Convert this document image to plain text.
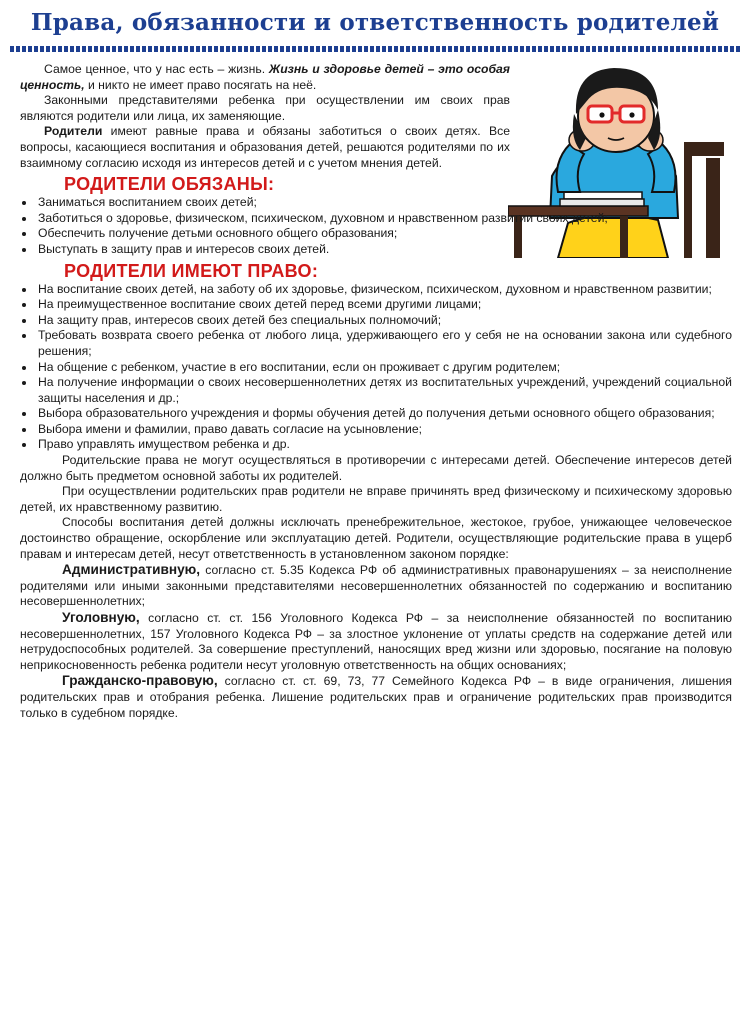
Права, обязанности и ответственность родителей

Самое ценное, что у нас есть – жизнь. Жизнь и здоровье детей – это особая ценность, и никто не имеет право посягать на неё.

Законными представителями ребенка при осуществлении им своих прав являются родители или лица, их заменяющие.

Родители имеют равные права и обязаны заботиться о своих детях. Все вопросы, касающиеся воспитания и образования детей, решаются родителями по их взаимному согласию исходя из интересов детей и с учетом мнения детей.

РОДИТЕЛИ ОБЯЗАНЫ:
• Заниматься воспитанием своих детей;
• Заботиться о здоровье, физическом, психическом, духовном и нравственном развитии своих детей;
• Обеспечить получение детьми основного общего образования;
• Выступать в защиту прав и интересов своих детей.
РОДИТЕЛИ ИМЕЮТ ПРАВО:
• На воспитание своих детей, на заботу об их здоровье, физическом, психическом, духовном и нравственном развитии;
• На преимущественное воспитание своих детей перед всеми другими лицами;
• На защиту прав, интересов своих детей без специальных полномочий;
• Требовать возврата своего ребенка от любого лица, удерживающего его у себя не на основании закона или судебного решения;
• На общение с ребенком, участие в его воспитании, если он проживает с другим родителем;
• На получение информации о своих несовершеннолетних детях из воспитательных учреждений, учреждений социальной защиты населения и др.;
• Выбора образовательного учреждения и формы обучения детей до получения детьми основного общего образования;
• Выбора имени и фамилии, право давать согласие на усыновление;
• Право управлять имуществом ребенка и др.

Родительские права не могут осуществляться в противоречии с интересами детей. Обеспечение интересов детей должно быть предметом основной заботы их родителей.

При осуществлении родительских прав родители не вправе причинять вред физическому и психическому здоровью детей, их нравственному развитию.

Способы воспитания детей должны исключать пренебрежительное, жестокое, грубое, унижающее человеческое достоинство обращение, оскорбление или эксплуатацию детей. Родители, осуществляющие родительские права в ущерб правам и интересам детей, несут ответственность в установленном законом порядке:

Административную, согласно ст. 5.35 Кодекса РФ об административных правонарушениях – за неисполнение родителями или иными законными представителями несовершеннолетних обязанностей по содержанию и воспитанию несовершеннолетних;

Уголовную, согласно ст. ст. 156 Уголовного Кодекса РФ – за неисполнение обязанностей по воспитанию несовершеннолетних, 157 Уголовного Кодекса РФ – за злостное уклонение от уплаты средств на содержание детей или нетрудоспособных родителей. За совершение преступлений, наносящих вред жизни или здоровью, посягание на половую неприкосновенность ребенка родители несут уголовную ответственность на общих основаниях;

Гражданско-правовую, согласно ст. ст. 69, 73, 77 Семейного Кодекса РФ – в виде ограничения, лишения родительских прав и отобрания ребенка. Лишение родительских прав и ограничение родительских прав производится только в судебном порядке.
